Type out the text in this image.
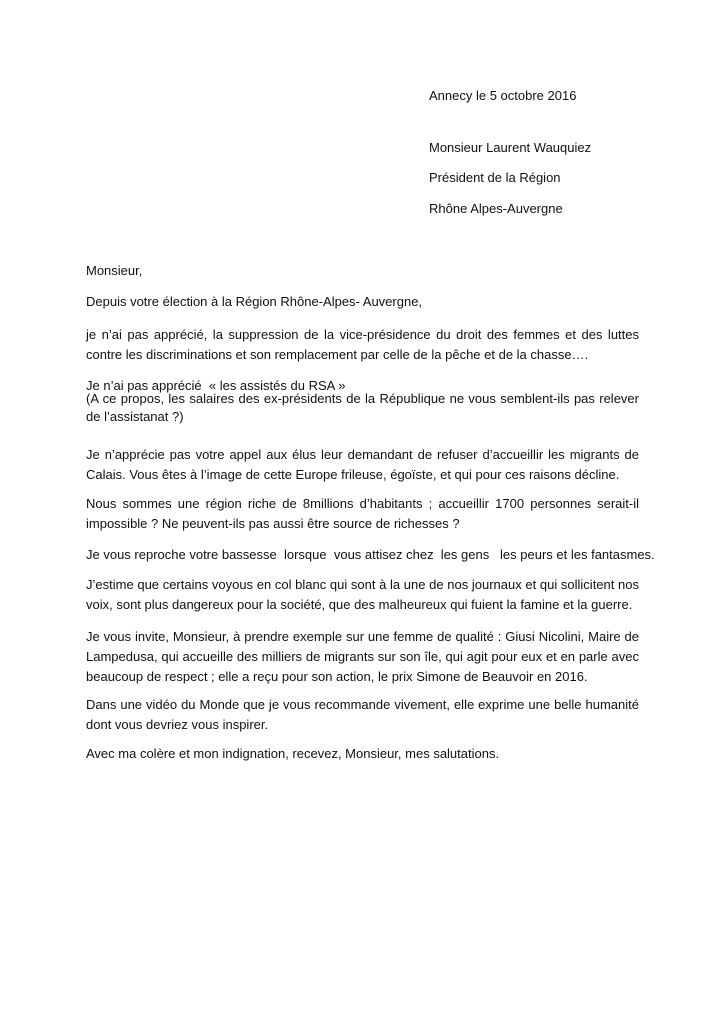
Annecy le 5 octobre 2016

Monsieur Laurent Wauquiez

Président de la Région

Rhône Alpes-Auvergne

Monsieur,

Depuis votre élection à la Région Rhône-Alpes- Auvergne,

je n’ai pas apprécié, la suppression de la vice-présidence du droit des femmes et des luttes contre les discriminations et son remplacement par celle de la pêche et de la chasse….

Je n’ai pas apprécié  « les assistés du RSA »

(A ce propos, les salaires des ex-présidents de la République ne vous semblent-ils pas relever de l’assistanat ?)

Je n’apprécie pas votre appel aux élus leur demandant de refuser d’accueillir les migrants de Calais. Vous êtes à l’image de cette Europe frileuse, égoïste, et qui pour ces raisons décline.

Nous sommes une région riche de 8millions d’habitants ; accueillir 1700 personnes serait-il impossible ? Ne peuvent-ils pas aussi être source de richesses ?

Je vous reproche votre bassesse  lorsque  vous attisez chez  les gens   les peurs et les fantasmes.

J’estime que certains voyous en col blanc qui sont à la une de nos journaux et qui sollicitent nos voix, sont plus dangereux pour la société, que des malheureux qui fuient la famine et la guerre.

Je vous invite, Monsieur, à prendre exemple sur une femme de qualité : Giusi Nicolini, Maire de Lampedusa, qui accueille des milliers de migrants sur son île, qui agit pour eux et en parle avec beaucoup de respect ; elle a reçu pour son action, le prix Simone de Beauvoir en 2016.

Dans une vidéo du Monde que je vous recommande vivement, elle exprime une belle humanité dont vous devriez vous inspirer.

Avec ma colère et mon indignation, recevez, Monsieur, mes salutations.
